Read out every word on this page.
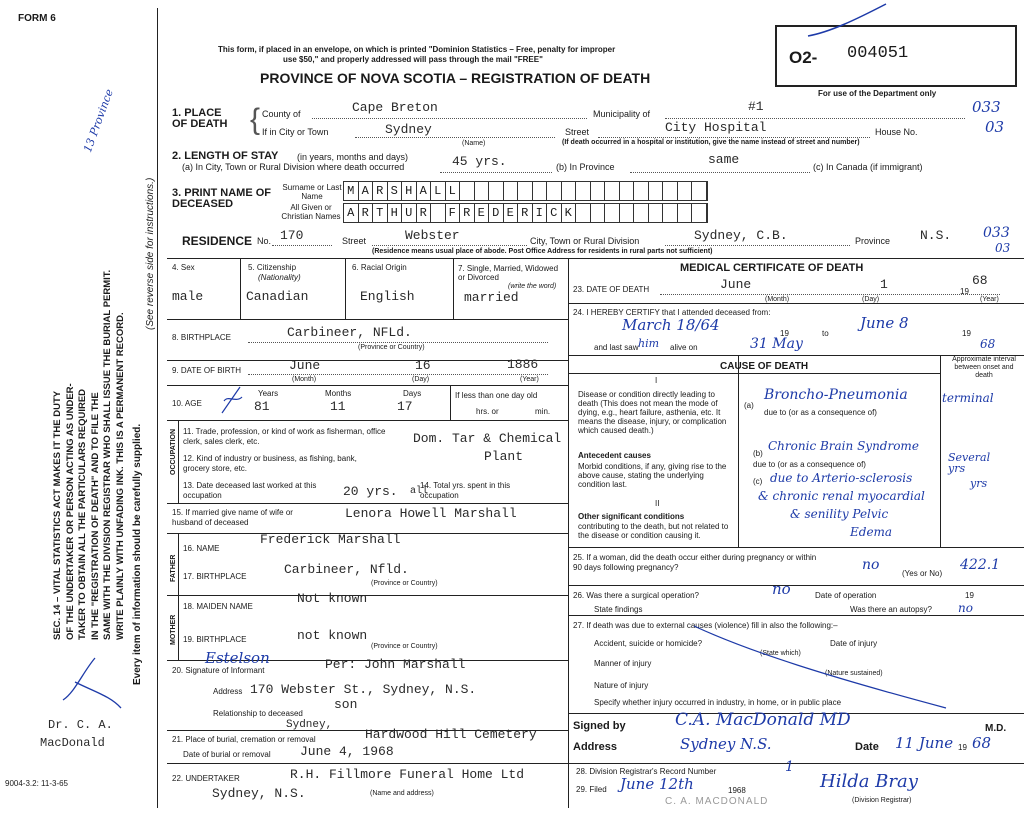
FORM 6
This form, if placed in an envelope, on which is printed "Dominion Statistics – Free, penalty for improper
use $50," and properly addressed will pass through the mail "FREE"
PROVINCE OF NOVA SCOTIA – REGISTRATION OF DEATH
O2- 004051
For use of the Department only
SEC. 14 – VITAL STATISTICS ACT MAKES IT THE DUTY OF THE UNDERTAKER OR PERSON ACTING AS UNDER- TAKER TO OBTAIN ALL THE PARTICULARS REQUIRED IN THE "REGISTRATION OF DEATH" AND TO FILE THE SAME WITH THE DIVISION REGISTRAR WHO SHALL ISSUE THE BURIAL PERMIT. WRITE PLAINLY WITH UNFADING INK. THIS IS A PERMANENT RECORD. Every item of information should be carefully supplied.
(See reverse side for instructions.)
13 Province	1. PLACE OF DEATH { County of	Cape Breton	Municipality of	#1	033
If in City or Town	Sydney
(Name)
Street	City Hospital	House No.	03
(If death occurred in a hospital or institution, give the name instead of street and number)
2. LENGTH OF STAY (in years, months and days)
(a) In City, Town or Rural Division where death occurred	45 yrs.	(b) In Province	same	(c) In Canada (if immigrant)
3. PRINT NAME OF DECEASED
Surname or Last Name
All Given or Christian Names
M A R S H A L L
A R T H U R	F R E D E R I C K
RESIDENCE No. 170	Street	Webster	City, Town or Rural Division	Sydney, C.B.	Province N.S. 033
03
(Residence means usual place of abode. Post Office Address for residents in rural parts not sufficient)
4. Sex
male
5. Citizenship
(Nationality)
Canadian
6. Racial Origin
English
7. Single, Married, Widowed or Divorced
(write the word)
married
8. BIRTHPLACE	Carbineer, NFLd.
(Province or Country)
9. DATE OF BIRTH	June	16	1886
(Month)	(Day)	(Year)
10. AGE
Years
81
Months
11
Days
17
If less than one day old
hrs. or	min.
OCCUPATION 11. Trade, profession, or kind of work as fisherman, office clerk, sales clerk, etc.	Dom. Tar & Chemical
12. Kind of industry or business, as fishing, bank, grocery store, etc.
Plant
13. Date deceased last worked at this occupation	20 yrs.	14. Total yrs. spent in this occupation
all
15. If married give name of wife or husband of deceased
Lenora Howell Marshall
FATHER
16. NAME
Frederick Marshall
17. BIRTHPLACE	Carbineer, Nfld.
(Province or Country)
MOTHER
18. MAIDEN NAME
Not known
19. BIRTHPLACE	not known
(Province or Country)
20. Signature of Informant
Estelson	Per: John Marshall
Address 170 Webster St., Sydney, N.S.
Relationship to deceased
son
21. Place of burial, cremation or removal
Sydney,
Hardwood Hill Cemetery
Date of burial or removal June 4, 1968
22. UNDERTAKER	R.H. Fillmore Funeral Home Ltd
Sydney, N.S.	(Name and address)
Dr. C. A.
MacDonald
9004-3.2: 11-3-65
MEDICAL CERTIFICATE OF DEATH
23. DATE OF DEATH	June	1	19
68
(Month)	(Day)	(Year)
24. I HEREBY CERTIFY that I attended deceased from:
March 18/64	19	to
June 8
19
and last saw him alive on	31 May	68
CAUSE OF DEATH
Approximate interval between onset and death
I
Disease or condition directly leading to death (This does not mean the mode of dying, e.g., heart failure, asthenia, etc. It means the disease, injury, or complication which caused death.)
(a)
Broncho-Pneumonia	terminal
due to (or as a consequence of)
Antecedent causes
Morbid conditions, if any, giving rise to the above cause, stating the underlying condition last.
(b)
Chronic Brain Syndrome
Several yrs
due to (or as a consequence of)
(c) due to Arterio-sclerosis	yrs
II
Other significant conditions
contributing to the death, but not related to the disease or condition causing it.
& chronic renal myocardial
& senility Pelvic
Edema
25. If a woman, did the death occur either during pregnancy or within 90 days following pregnancy?	no
(Yes or No)
422.1
26. Was there a surgical operation?	no	Date of operation	19
State findings	Was there an autopsy? no
27. If death was due to external causes (violence) fill in also the following:–
Accident, suicide or homicide?
(State which)
Date of injury
Manner of injury
(Nature sustained)
Nature of injury
Specify whether injury occurred in industry, in home, or in public place
Signed by	C.A. MacDonald MD	M.D.
Address	Sydney N.S.	Date 11 June 19 68
28. Division Registrar's Record Number	1
29. Filed June 12th	1968	Hilda Bray
(Division Registrar)
C. A. MACDONALD
